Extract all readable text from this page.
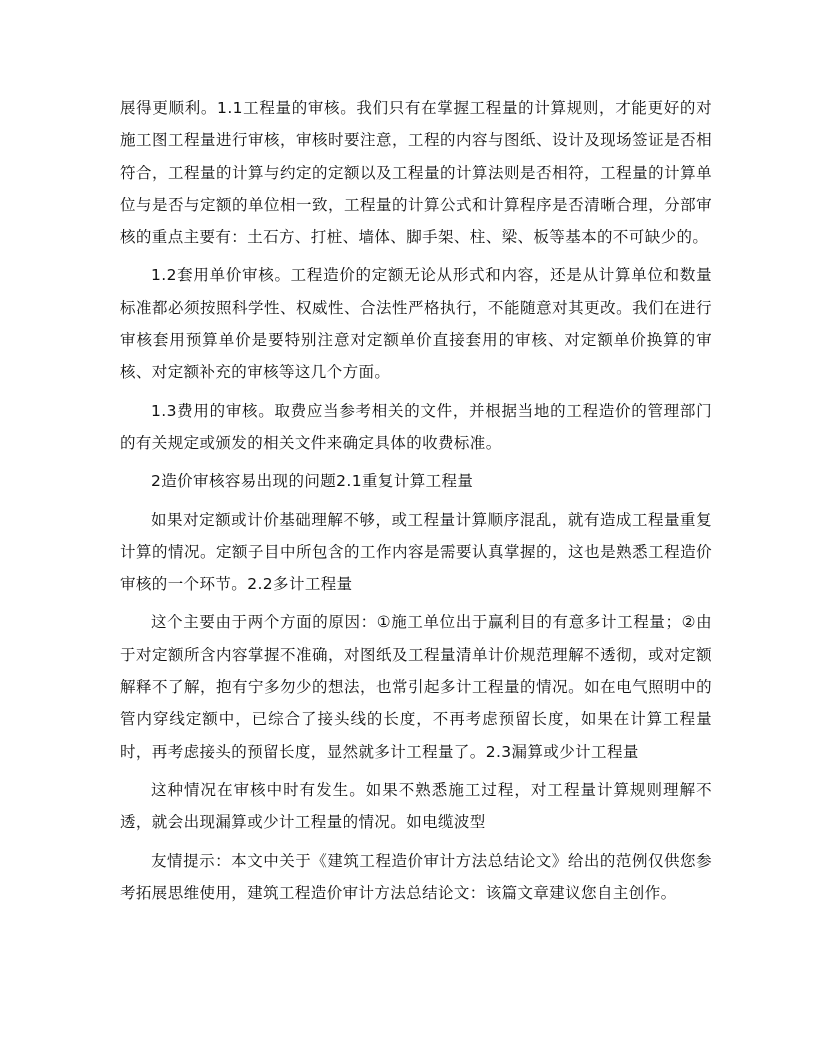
展得更顺利。1.1工程量的审核。我们只有在掌握工程量的计算规则，才能更好的对施工图工程量进行审核，审核时要注意，工程的内容与图纸、设计及现场签证是否相符合，工程量的计算与约定的定额以及工程量的计算法则是否相符，工程量的计算单位与是否与定额的单位相一致，工程量的计算公式和计算程序是否清晰合理，分部审核的重点主要有：土石方、打桩、墙体、脚手架、柱、梁、板等基本的不可缺少的。

1.2套用单价审核。工程造价的定额无论从形式和内容，还是从计算单位和数量标准都必须按照科学性、权威性、合法性严格执行，不能随意对其更改。我们在进行审核套用预算单价是要特别注意对定额单价直接套用的审核、对定额单价换算的审核、对定额补充的审核等这几个方面。

1.3费用的审核。取费应当参考相关的文件，并根据当地的工程造价的管理部门的有关规定或颁发的相关文件来确定具体的收费标准。

2造价审核容易出现的问题2.1重复计算工程量

如果对定额或计价基础理解不够，或工程量计算顺序混乱，就有造成工程量重复计算的情况。定额子目中所包含的工作内容是需要认真掌握的，这也是熟悉工程造价审核的一个环节。2.2多计工程量

这个主要由于两个方面的原因：①施工单位出于赢利目的有意多计工程量；②由于对定额所含内容掌握不准确，对图纸及工程量清单计价规范理解不透彻，或对定额解释不了解，抱有宁多勿少的想法，也常引起多计工程量的情况。如在电气照明中的管内穿线定额中，已综合了接头线的长度，不再考虑预留长度，如果在计算工程量时，再考虑接头的预留长度，显然就多计工程量了。2.3漏算或少计工程量

这种情况在审核中时有发生。如果不熟悉施工过程，对工程量计算规则理解不透，就会出现漏算或少计工程量的情况。如电缆波型

友情提示：本文中关于《建筑工程造价审计方法总结论文》给出的范例仅供您参考拓展思维使用，建筑工程造价审计方法总结论文：该篇文章建议您自主创作。
